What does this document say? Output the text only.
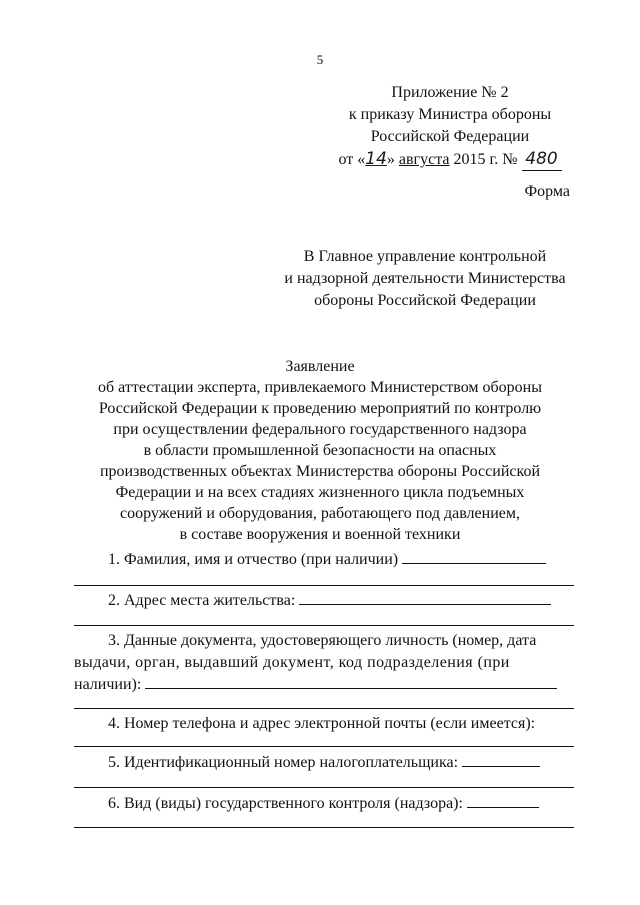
5
Приложение № 2
к приказу Министра обороны
Российской Федерации
от «14» августа 2015 г. № 480
Форма
В Главное управление контрольной
и надзорной деятельности Министерства
обороны Российской Федерации
Заявление
об аттестации эксперта, привлекаемого Министерством обороны
Российской Федерации к проведению мероприятий по контролю
при осуществлении федерального государственного надзора
в области промышленной безопасности на опасных
производственных объектах Министерства обороны Российской
Федерации и на всех стадиях жизненного цикла подъемных
сооружений и оборудования, работающего под давлением,
в составе вооружения и военной техники
1. Фамилия, имя и отчество (при наличии)
2. Адрес места жительства:
3. Данные документа, удостоверяющего личность (номер, дата
выдачи, орган, выдавший документ, код подразделения (при
наличии):
4. Номер телефона и адрес электронной почты (если имеется):
5. Идентификационный номер налогоплательщика:
6. Вид (виды) государственного контроля (надзора):
